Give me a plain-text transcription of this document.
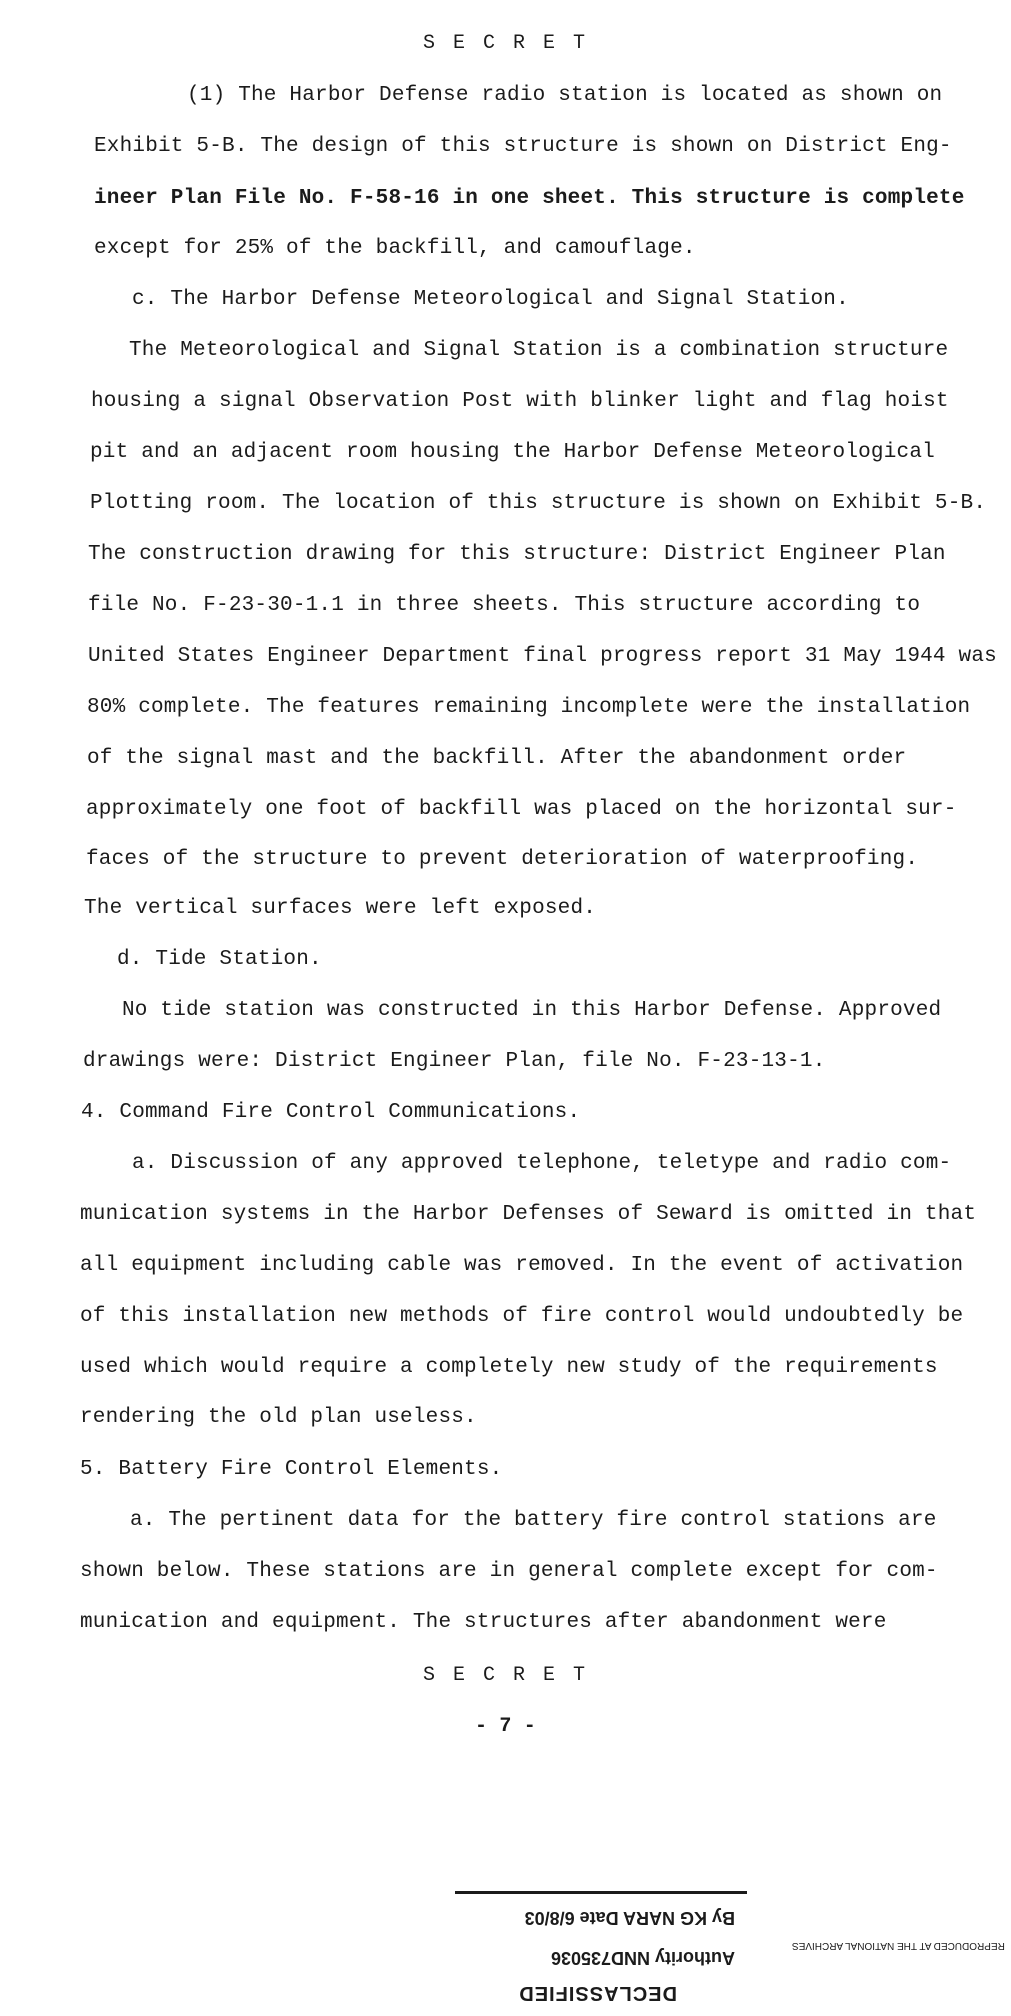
S E C R E T
(1) The Harbor Defense radio station is located as shown on
Exhibit 5-B. The design of this structure is shown on District Eng-
ineer Plan File No. F-58-16 in one sheet. This structure is complete
except for 25% of the backfill, and camouflage.
c. The Harbor Defense Meteorological and Signal Station.
The Meteorological and Signal Station is a combination structure
housing a signal Observation Post with blinker light and flag hoist
pit and an adjacent room housing the Harbor Defense Meteorological
Plotting room. The location of this structure is shown on Exhibit 5-B.
The construction drawing for this structure: District Engineer Plan
file No. F-23-30-1.1 in three sheets. This structure according to
United States Engineer Department final progress report 31 May 1944 was
80% complete. The features remaining incomplete were the installation
of the signal mast and the backfill. After the abandonment order
approximately one foot of backfill was placed on the horizontal sur-
faces of the structure to prevent deterioration of waterproofing.
The vertical surfaces were left exposed.
d. Tide Station.
No tide station was constructed in this Harbor Defense. Approved
drawings were: District Engineer Plan, file No. F-23-13-1.
4. Command Fire Control Communications.
a. Discussion of any approved telephone, teletype and radio com-
munication systems in the Harbor Defenses of Seward is omitted in that
all equipment including cable was removed. In the event of activation
of this installation new methods of fire control would undoubtedly be
used which would require a completely new study of the requirements
rendering the old plan useless.
5. Battery Fire Control Elements.
a. The pertinent data for the battery fire control stations are
shown below. These stations are in general complete except for com-
munication and equipment. The structures after abandonment were
S E C R E T
- 7 -
DECLASSIFIED
Authority NND735036
By KG NARA Date 6/8/03
REPRODUCED AT THE NATIONAL ARCHIVES
